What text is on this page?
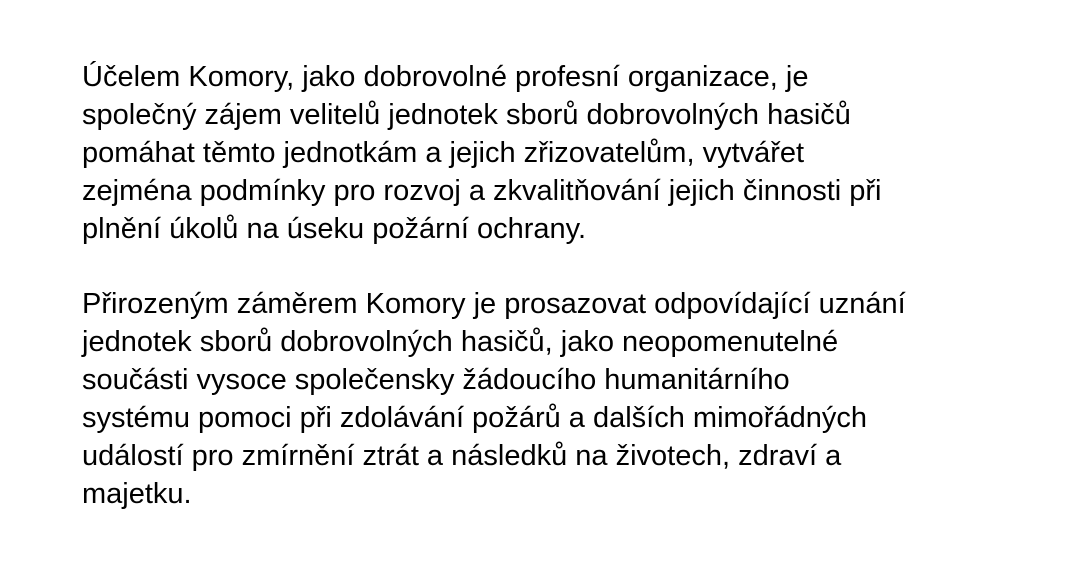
Účelem Komory, jako dobrovolné profesní organizace, je
společný zájem velitelů jednotek sborů dobrovolných hasičů
pomáhat těmto jednotkám a jejich zřizovatelům, vytvářet
zejména podmínky pro rozvoj a zkvalitňování jejich činnosti při
plnění úkolů na úseku požární ochrany.

Přirozeným záměrem Komory je prosazovat odpovídající uznání
jednotek sborů dobrovolných hasičů, jako neopomenutelné
součásti vysoce společensky žádoucího humanitárního
systému pomoci při zdolávání požárů a dalších mimořádných
událostí pro zmírnění ztrát a následků na životech, zdraví a
majetku.
